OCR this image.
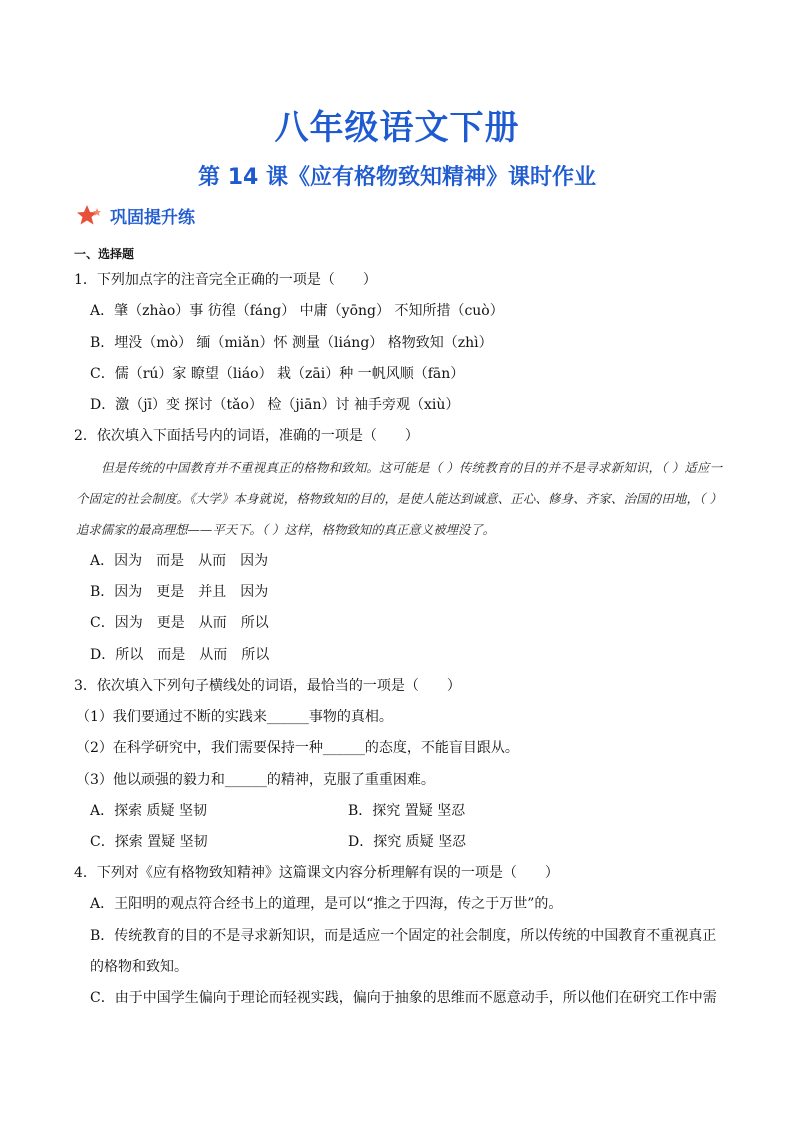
八年级语文下册
第 14 课《应有格物致知精神》课时作业
巩固提升练
一、选择题
1．下列加点字的注音完全正确的一项是（　　）
A．肇（zhào）事 彷徨（fáng） 中庸（yōng） 不知所措（cuò）
B．埋没（mò） 缅（miǎn）怀 测量（liáng） 格物致知（zhì）
C．儒（rú）家 瞭望（liáo） 栽（zāi）种 一帆风顺（fān）
D．激（jī）变 探讨（tǎo） 检（jiān）讨 袖手旁观（xiù）
2．依次填入下面括号内的词语，准确的一项是（　　）
但是传统的中国教育并不重视真正的格物和致知。这可能是（ ）传统教育的目的并不是寻求新知识，（ ）适应一个固定的社会制度。《大学》本身就说，格物致知的目的，是使人能达到诚意、正心、修身、齐家、治国的田地，（ ）追求儒家的最高理想——平天下。（ ）这样，格物致知的真正意义被埋没了。
A．因为　而是　从而　因为
B．因为　更是　并且　因为
C．因为　更是　从而　所以
D．所以　而是　从而　所以
3．依次填入下列句子横线处的词语，最恰当的一项是（　　）
（1）我们要通过不断的实践来______事物的真相。
（2）在科学研究中，我们需要保持一种______的态度，不能盲目跟从。
（3）他以顽强的毅力和______的精神，克服了重重困难。
A．探索 质疑 坚韧	B．探究 置疑 坚忍
C．探索 置疑 坚韧	D．探究 质疑 坚忍
4．下列对《应有格物致知精神》这篇课文内容分析理解有误的一项是（　　）
A．王阳明的观点符合经书上的道理，是可以“推之于四海，传之于万世”的。
B．传统教育的目的不是寻求新知识，而是适应一个固定的社会制度，所以传统的中国教育不重视真正
的格物和致知。
C．由于中国学生偏向于理论而轻视实践，偏向于抽象的思维而不愿意动手，所以他们在研究工作中需
